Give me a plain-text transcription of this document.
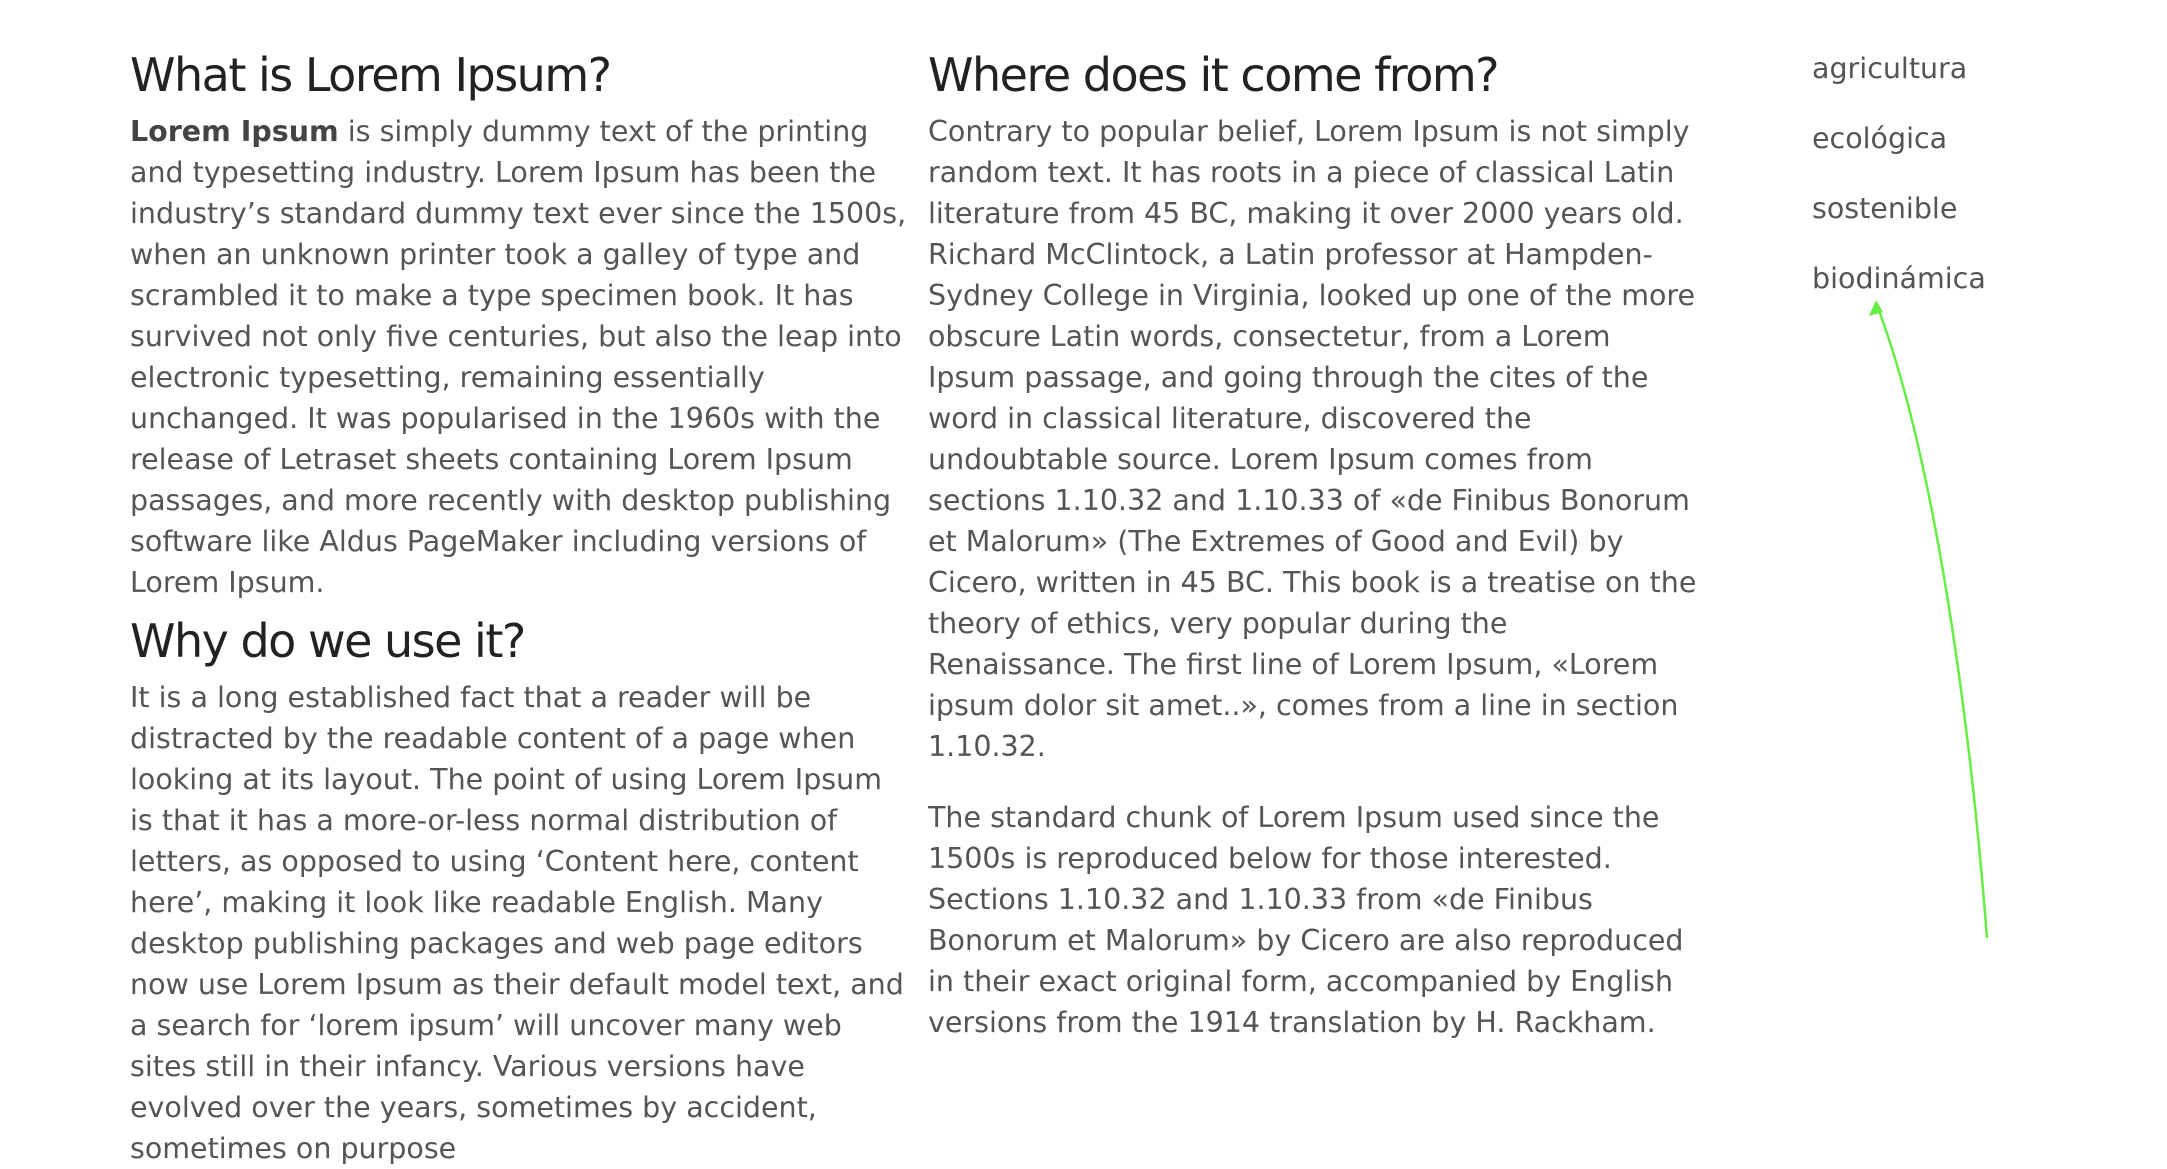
What is Lorem Ipsum?

Lorem Ipsum is simply dummy text of the printing and typesetting industry. Lorem Ipsum has been the industry’s standard dummy text ever since the 1500s, when an unknown printer took a galley of type and scrambled it to make a type specimen book. It has survived not only five centuries, but also the leap into electronic typesetting, remaining essentially unchanged. It was popularised in the 1960s with the release of Letraset sheets containing Lorem Ipsum passages, and more recently with desktop publishing software like Aldus PageMaker including versions of Lorem Ipsum.

Why do we use it?

It is a long established fact that a reader will be distracted by the readable content of a page when looking at its layout. The point of using Lorem Ipsum is that it has a more-or-less normal distribution of letters, as opposed to using ‘Content here, content here’, making it look like readable English. Many desktop publishing packages and web page editors now use Lorem Ipsum as their default model text, and a search for ‘lorem ipsum’ will uncover many web sites still in their infancy. Various versions have evolved over the years, sometimes by accident, sometimes on purpose

Where does it come from?

Contrary to popular belief, Lorem Ipsum is not simply random text. It has roots in a piece of classical Latin literature from 45 BC, making it over 2000 years old. Richard McClintock, a Latin professor at Hampden-Sydney College in Virginia, looked up one of the more obscure Latin words, consectetur, from a Lorem Ipsum passage, and going through the cites of the word in classical literature, discovered the undoubtable source. Lorem Ipsum comes from sections 1.10.32 and 1.10.33 of «de Finibus Bonorum et Malorum» (The Extremes of Good and Evil) by Cicero, written in 45 BC. This book is a treatise on the theory of ethics, very popular during the Renaissance. The first line of Lorem Ipsum, «Lorem ipsum dolor sit amet..», comes from a line in section 1.10.32.

The standard chunk of Lorem Ipsum used since the 1500s is reproduced below for those interested. Sections 1.10.32 and 1.10.33 from «de Finibus Bonorum et Malorum» by Cicero are also reproduced in their exact original form, accompanied by English versions from the 1914 translation by H. Rackham.

agricultura
ecológica
sostenible
biodinámica
